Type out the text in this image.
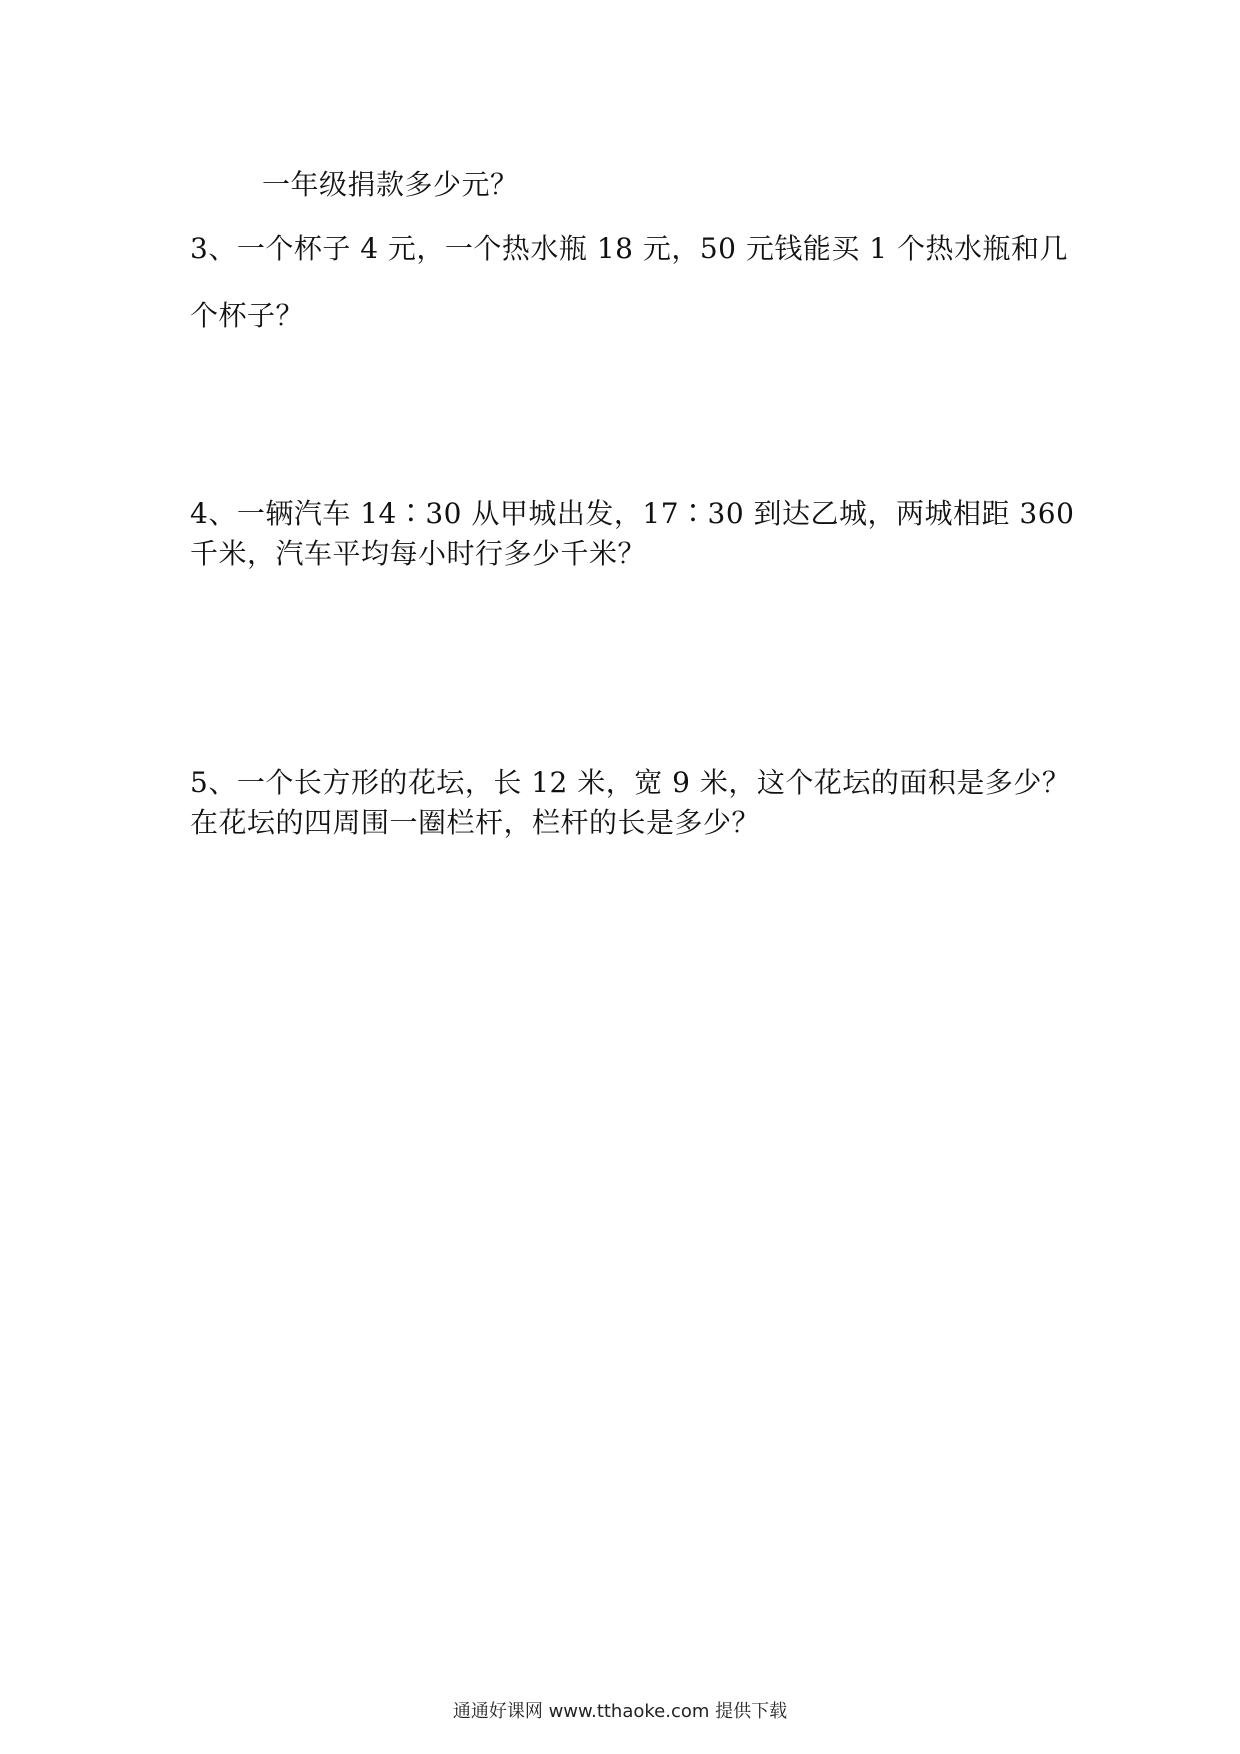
一年级捐款多少元？
3、一个杯子 4 元，一个热水瓶 18 元，50 元钱能买 1 个热水瓶和几
个杯子？
4、一辆汽车 14∶30 从甲城出发，17∶30 到达乙城，两城相距 360
千米，汽车平均每小时行多少千米？
5、一个长方形的花坛，长 12 米，宽 9 米，这个花坛的面积是多少？
在花坛的四周围一圈栏杆，栏杆的长是多少？
通通好课网 www.tthaoke.com 提供下载
